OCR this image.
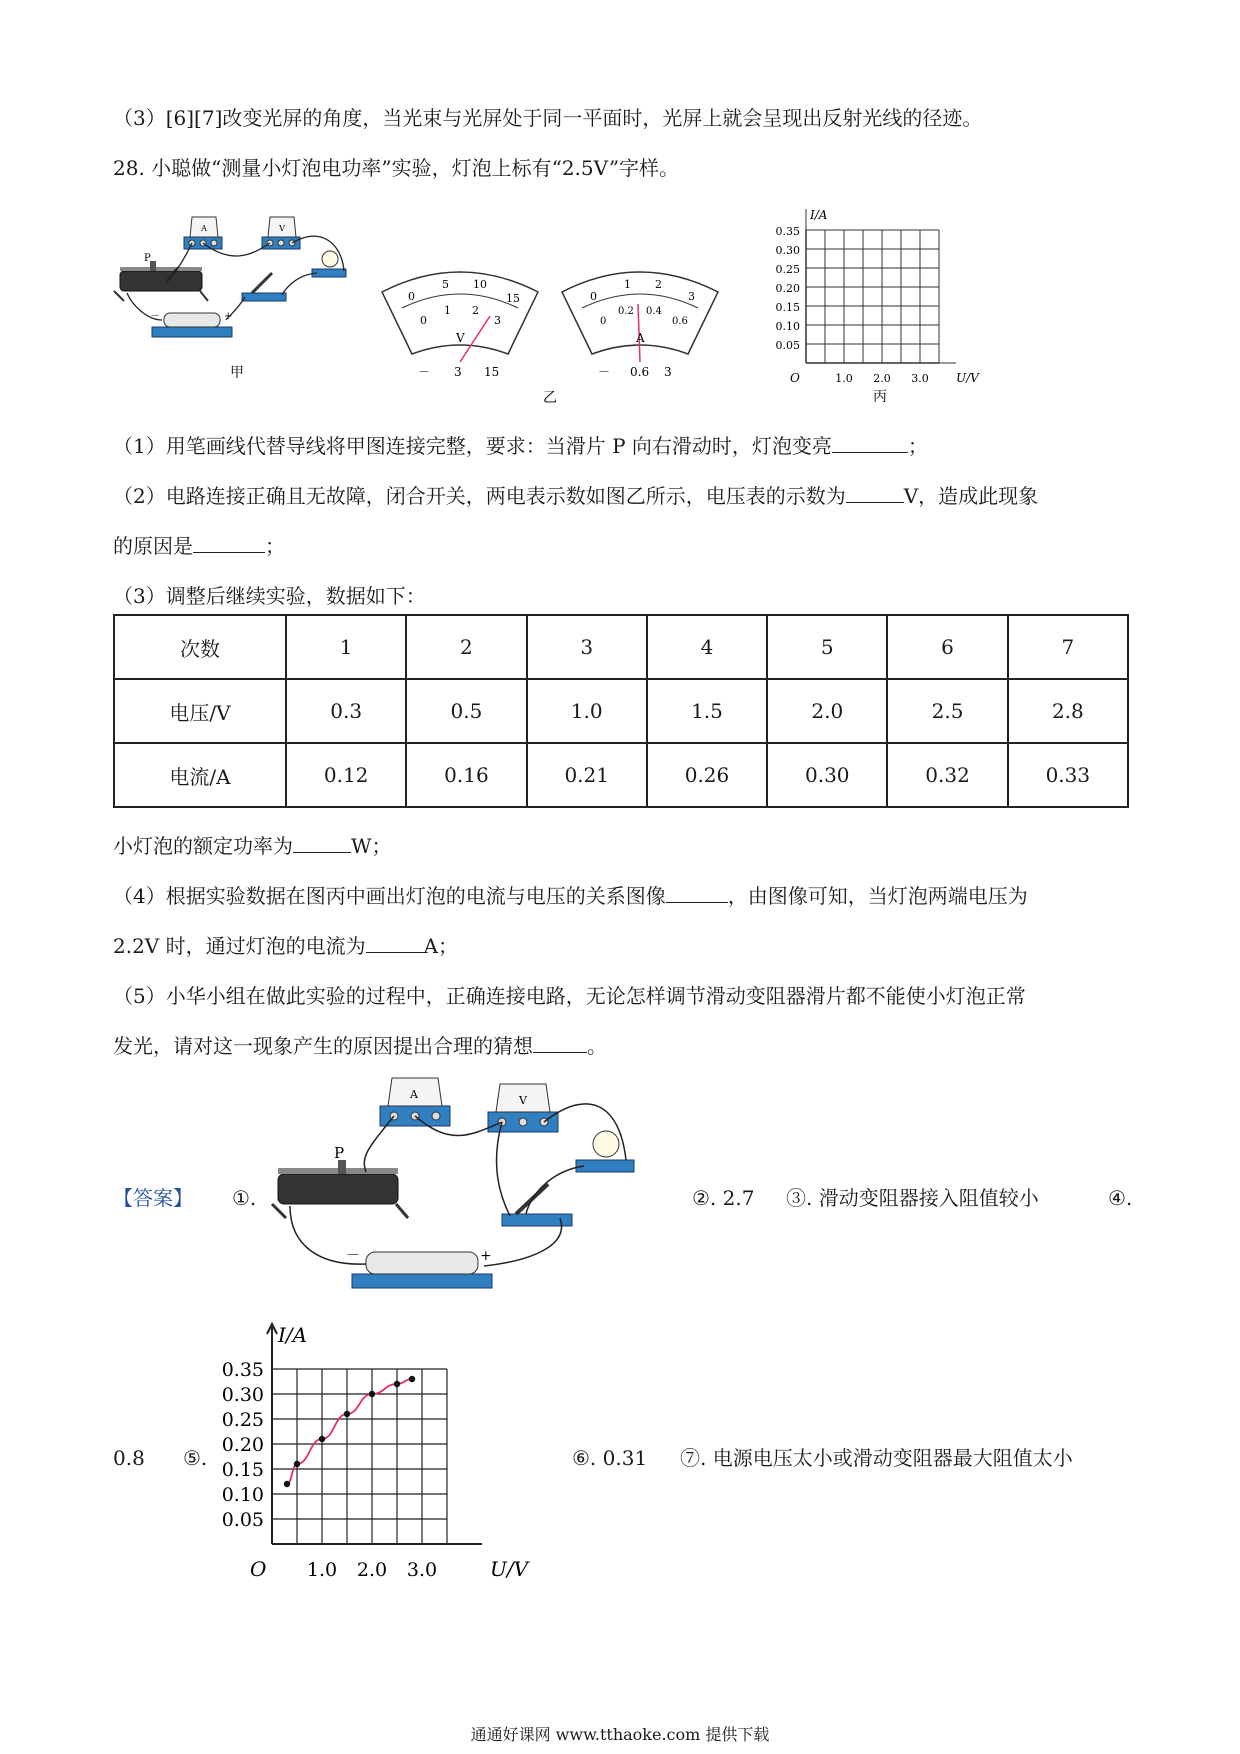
（3）[6][7]改变光屏的角度，当光束与光屏处于同一平面时，光屏上就会呈现出反射光线的径迹。
28. 小聪做“测量小灯泡电功率”实验，灯泡上标有“2.5V”字样。
A	V
P
－	+
甲
0
5 10
15
0
1 2
3
V
－ 3 15
0
1 2
3
0
0.2 0.4
0.6
A
－ 0.6 3
乙
I/A
U/V
O
0.35
0.30
0.25
0.20
0.15
0.10
0.05
1.0 2.0 3.0
丙
（1）用笔画线代替导线将甲图连接完整，要求：当滑片 P 向右滑动时，灯泡变亮	；
（2）电路连接正确且无故障，闭合开关，两电表示数如图乙所示，电压表的示数为	V，造成此现象
的原因是	；
（3）调整后继续实验，数据如下：
次数	1	2	3	4	5	6	7
电压/V	0.3	0.5	1.0	1.5	2.0	2.5	2.8
电流/A	0.12	0.16	0.21	0.26	0.30	0.32	0.33
小灯泡的额定功率为	W；
（4）根据实验数据在图丙中画出灯泡的电流与电压的关系图像	，由图像可知，当灯泡两端电压为
2.2V 时，通过灯泡的电流为	A；
（5）小华小组在做此实验的过程中，正确连接电路，无论怎样调节滑动变阻器滑片都不能使小灯泡正常
发光，请对这一现象产生的原因提出合理的猜想	。
【答案】 ①.
A	V
P
－	+
②. 2.7 ③. 滑动变阻器接入阻值较小	④.
0.8 ⑤.
I/A
U/V
O
0.05
0.10
0.15
0.20
0.25
0.30
0.35
1.0 2.0 3.0
⑥. 0.31 ⑦. 电源电压太小或滑动变阻器最大阻值太小
通通好课网 www.tthaoke.com 提供下载
